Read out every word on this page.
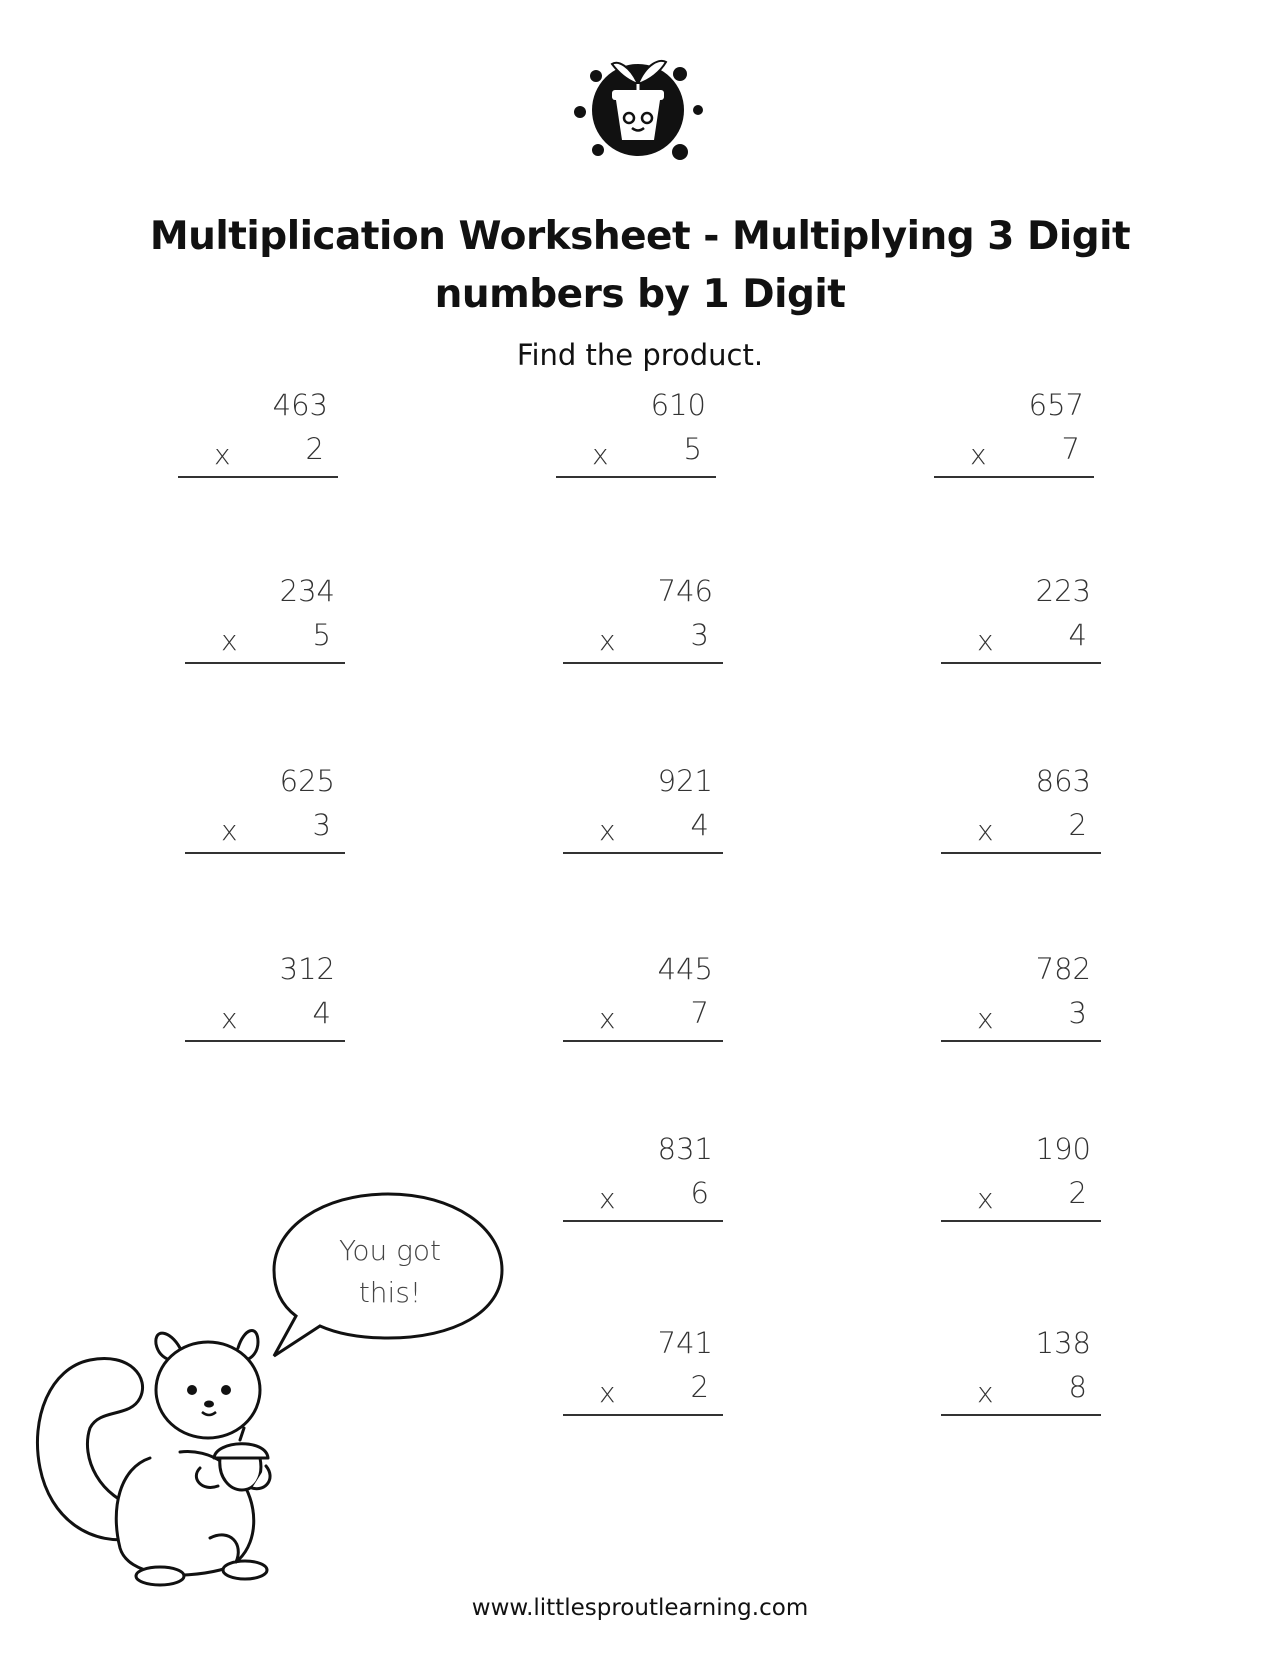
Multiplication Worksheet - Multiplying 3 Digit
numbers by 1 Digit
Find the product.
463
x	2
610
x	5
657
x	7
234
x	5
746
x	3
223
x	4
625
x	3
921
x	4
863
x	2
312
x	4
445
x	7
782
x	3
831
x	6
190
x	2
741
x	2
138
x	8
You got
this!
www.littlesproutlearning.com
